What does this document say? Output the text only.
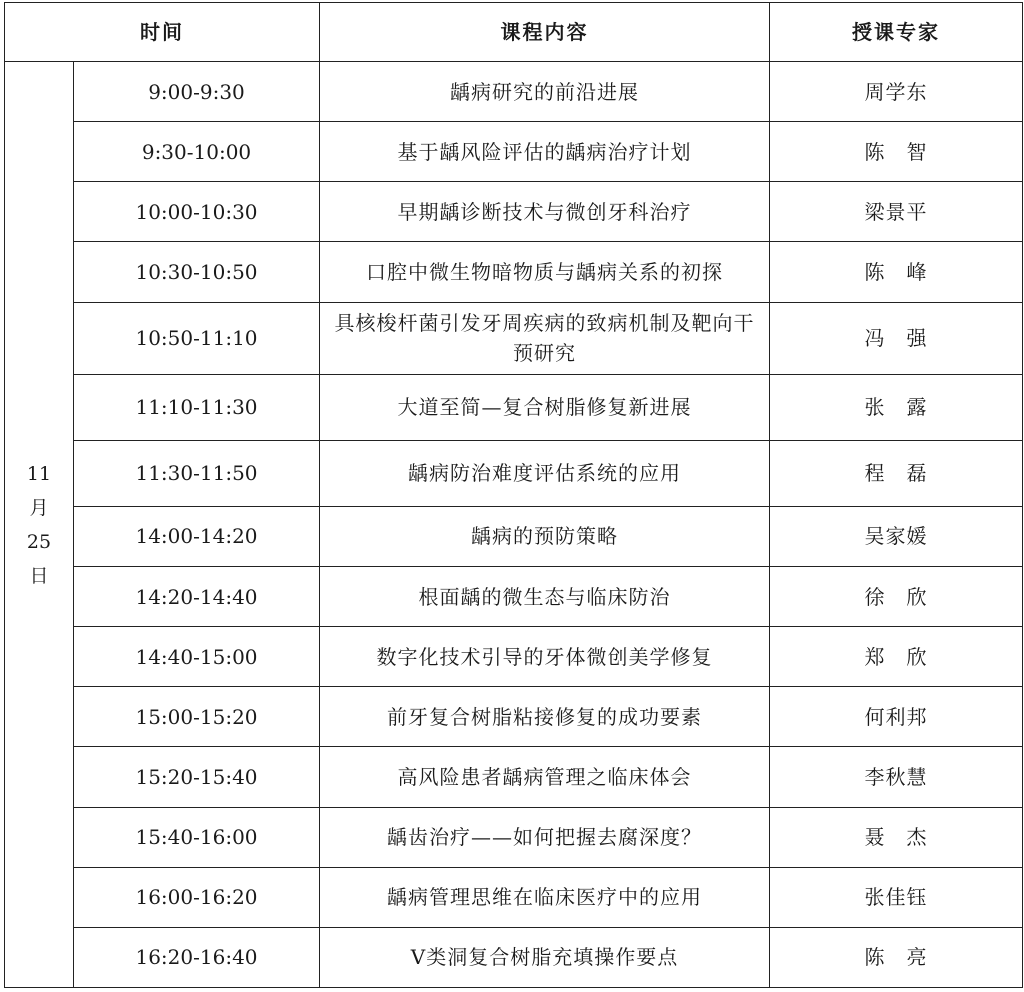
时间		课程内容	授课专家

11
月
25
日	9:00-9:30	龋病研究的前沿进展	周学东
	9:30-10:00	基于龋风险评估的龋病治疗计划	陈　智
	10:00-10:30	早期龋诊断技术与微创牙科治疗	梁景平
	10:30-10:50	口腔中微生物暗物质与龋病关系的初探	陈　峰
	10:50-11:10	具核梭杆菌引发牙周疾病的致病机制及靶向干预研究	冯　强
	11:10-11:30	大道至简—复合树脂修复新进展	张　露
	11:30-11:50	龋病防治难度评估系统的应用	程　磊
	14:00-14:20	龋病的预防策略	吴家媛
	14:20-14:40	根面龋的微生态与临床防治	徐　欣
	14:40-15:00	数字化技术引导的牙体微创美学修复	郑　欣
	15:00-15:20	前牙复合树脂粘接修复的成功要素	何利邦
	15:20-15:40	高风险患者龋病管理之临床体会	李秋慧
	15:40-16:00	龋齿治疗——如何把握去腐深度？	聂　杰
	16:00-16:20	龋病管理思维在临床医疗中的应用	张佳钰
	16:20-16:40	V类洞复合树脂充填操作要点	陈　亮
